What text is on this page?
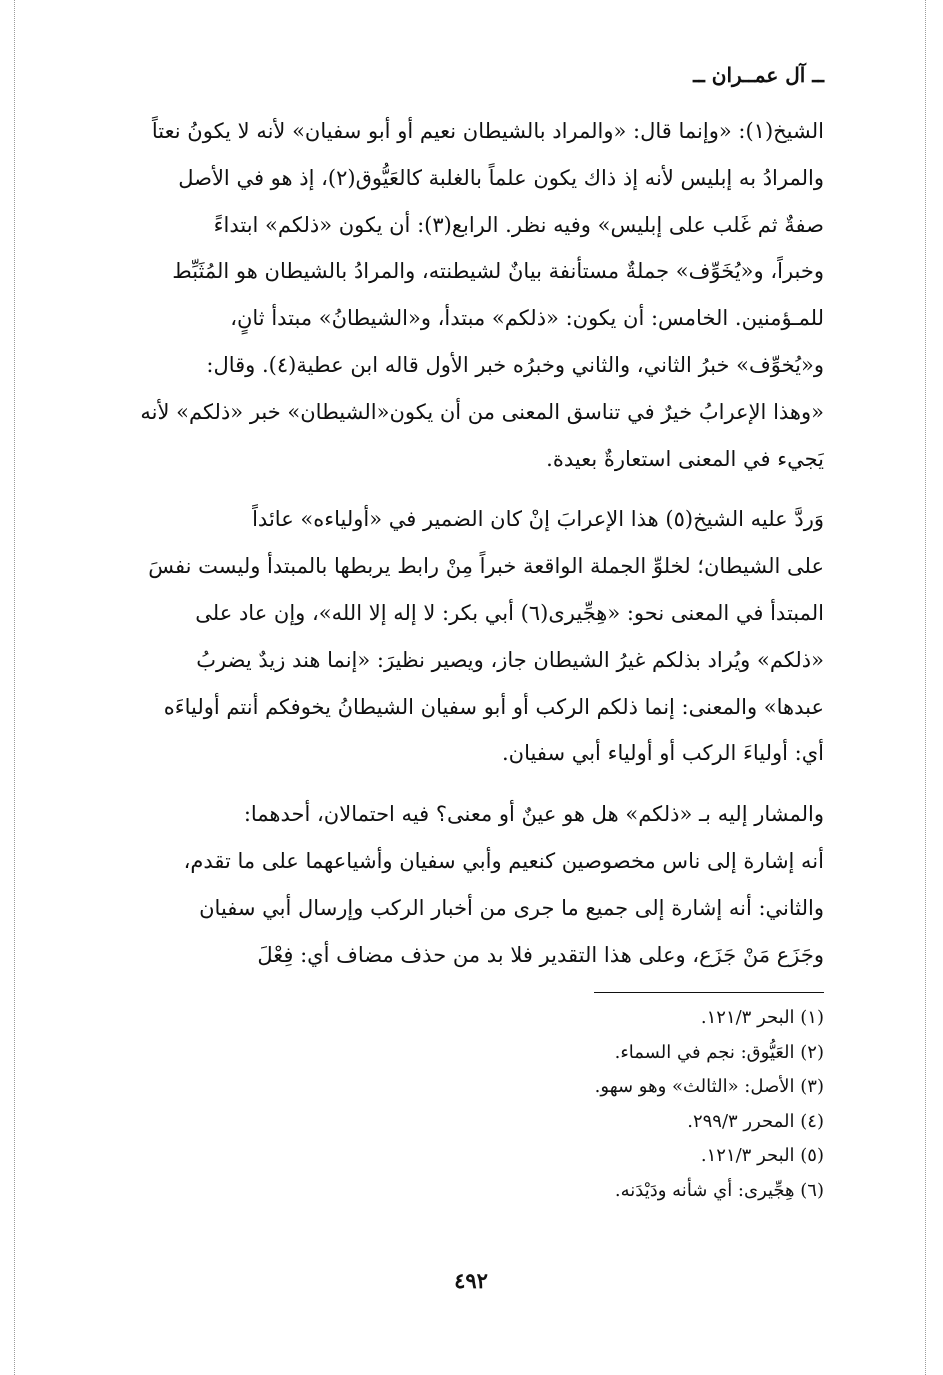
ــ آل عمــران ــ

الشيخ(١): «وإنما قال: «والمراد بالشيطان نعيم أو أبو سفيان» لأنه لا يكونُ نعتاً
والمرادُ به إبليس لأنه إذ ذاك يكون علماً بالغلبة كالعَيُّوق(٢)، إذ هو في الأصل
صفةٌ ثم غَلب على إبليس» وفيه نظر. الرابع(٣): أن يكون «ذلكم» ابتداءً
وخبراً، و«يُخَوِّف» جملةٌ مستأنفة بيانٌ لشيطنته، والمرادُ بالشيطان هو المُثَبِّط
للمـؤمنين. الخامس: أن يكون: «ذلكم» مبتدأ، و«الشيطانُ» مبتدأ ثانٍ،
و«يُخوِّف» خبرُ الثاني، والثاني وخبرُه خبر الأول قاله ابن عطية(٤). وقال:
«وهذا الإعرابُ خيرٌ في تناسق المعنى من أن يكون«الشيطان» خبر «ذلكم» لأنه
يَجيء في المعنى استعارةٌ بعيدة.

وَردَّ عليه الشيخ(٥) هذا الإعرابَ إنْ كان الضمير في «أولياءه» عائداً
على الشيطان؛ لخلوِّ الجملة الواقعة خبراً مِنْ رابط يربطها بالمبتدأ وليست نفسَ
المبتدأ في المعنى نحو: «هِجِّيرى(٦) أبي بكر: لا إله إلا الله»، وإن عاد على
«ذلكم» ويُراد بذلكم غيرُ الشيطان جاز، ويصير نظيرَ: «إنما هند زيدٌ يضربُ
عبدها» والمعنى: إنما ذلكم الركب أو أبو سفيان الشيطانُ يخوفكم أنتم أولياءَه
أي: أولياءَ الركب أو أولياء أبي سفيان.

والمشار إليه بـ «ذلكم» هل هو عينٌ أو معنى؟ فيه احتمالان، أحدهما:
أنه إشارة إلى ناس مخصوصين كنعيم وأبي سفيان وأشياعهما على ما تقدم،
والثاني: أنه إشارة إلى جميع ما جرى من أخبار الركب وإرسال أبي سفيان
وجَزَع مَنْ جَزَع، وعلى هذا التقدير فلا بد من حذف مضاف أي: فِعْلَ

(١) البحر ١٢١/٣.
(٢) العَيُّوق: نجم في السماء.
(٣) الأصل: «الثالث» وهو سهو.
(٤) المحرر ٢٩٩/٣.
(٥) البحر ١٢١/٣.
(٦) هِجِّيرى: أي شأنه ودَيْدَنه.
٤٩٢
